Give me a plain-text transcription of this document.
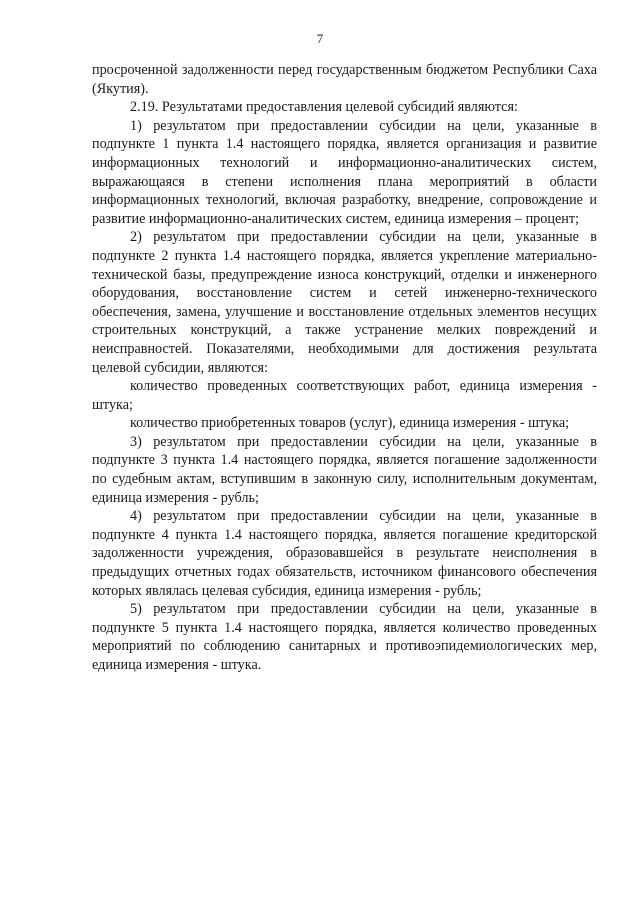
7

просроченной задолженности перед государственным бюджетом Республики Саха (Якутия).

2.19. Результатами предоставления целевой субсидий являются:

1) результатом при предоставлении субсидии на цели, указанные в подпункте 1 пункта 1.4 настоящего порядка, является организация и развитие информационных технологий и информационно-аналитических систем, выражающаяся в степени исполнения плана мероприятий в области информационных технологий, включая разработку, внедрение, сопровождение и развитие информационно-аналитических систем, единица измерения – процент;

2) результатом при предоставлении субсидии на цели, указанные в подпункте 2 пункта 1.4 настоящего порядка, является укрепление материально-технической базы, предупреждение износа конструкций, отделки и инженерного оборудования, восстановление систем и сетей инженерно-технического обеспечения, замена, улучшение и восстановление отдельных элементов несущих строительных конструкций, а также устранение мелких повреждений и неисправностей. Показателями, необходимыми для достижения результата целевой субсидии, являются:

количество проведенных соответствующих работ, единица измерения - штука;

количество приобретенных товаров (услуг), единица измерения - штука;

3) результатом при предоставлении субсидии на цели, указанные в подпункте 3 пункта 1.4 настоящего порядка, является погашение задолженности по судебным актам, вступившим в законную силу, исполнительным документам, единица измерения - рубль;

4) результатом при предоставлении субсидии на цели, указанные в подпункте 4 пункта 1.4 настоящего порядка, является погашение кредиторской задолженности учреждения, образовавшейся в результате неисполнения в предыдущих отчетных годах обязательств, источником финансового обеспечения которых являлась целевая субсидия, единица измерения - рубль;

5) результатом при предоставлении субсидии на цели, указанные в подпункте 5 пункта 1.4 настоящего порядка, является количество проведенных мероприятий по соблюдению санитарных и противоэпидемиологических мер, единица измерения - штука.
